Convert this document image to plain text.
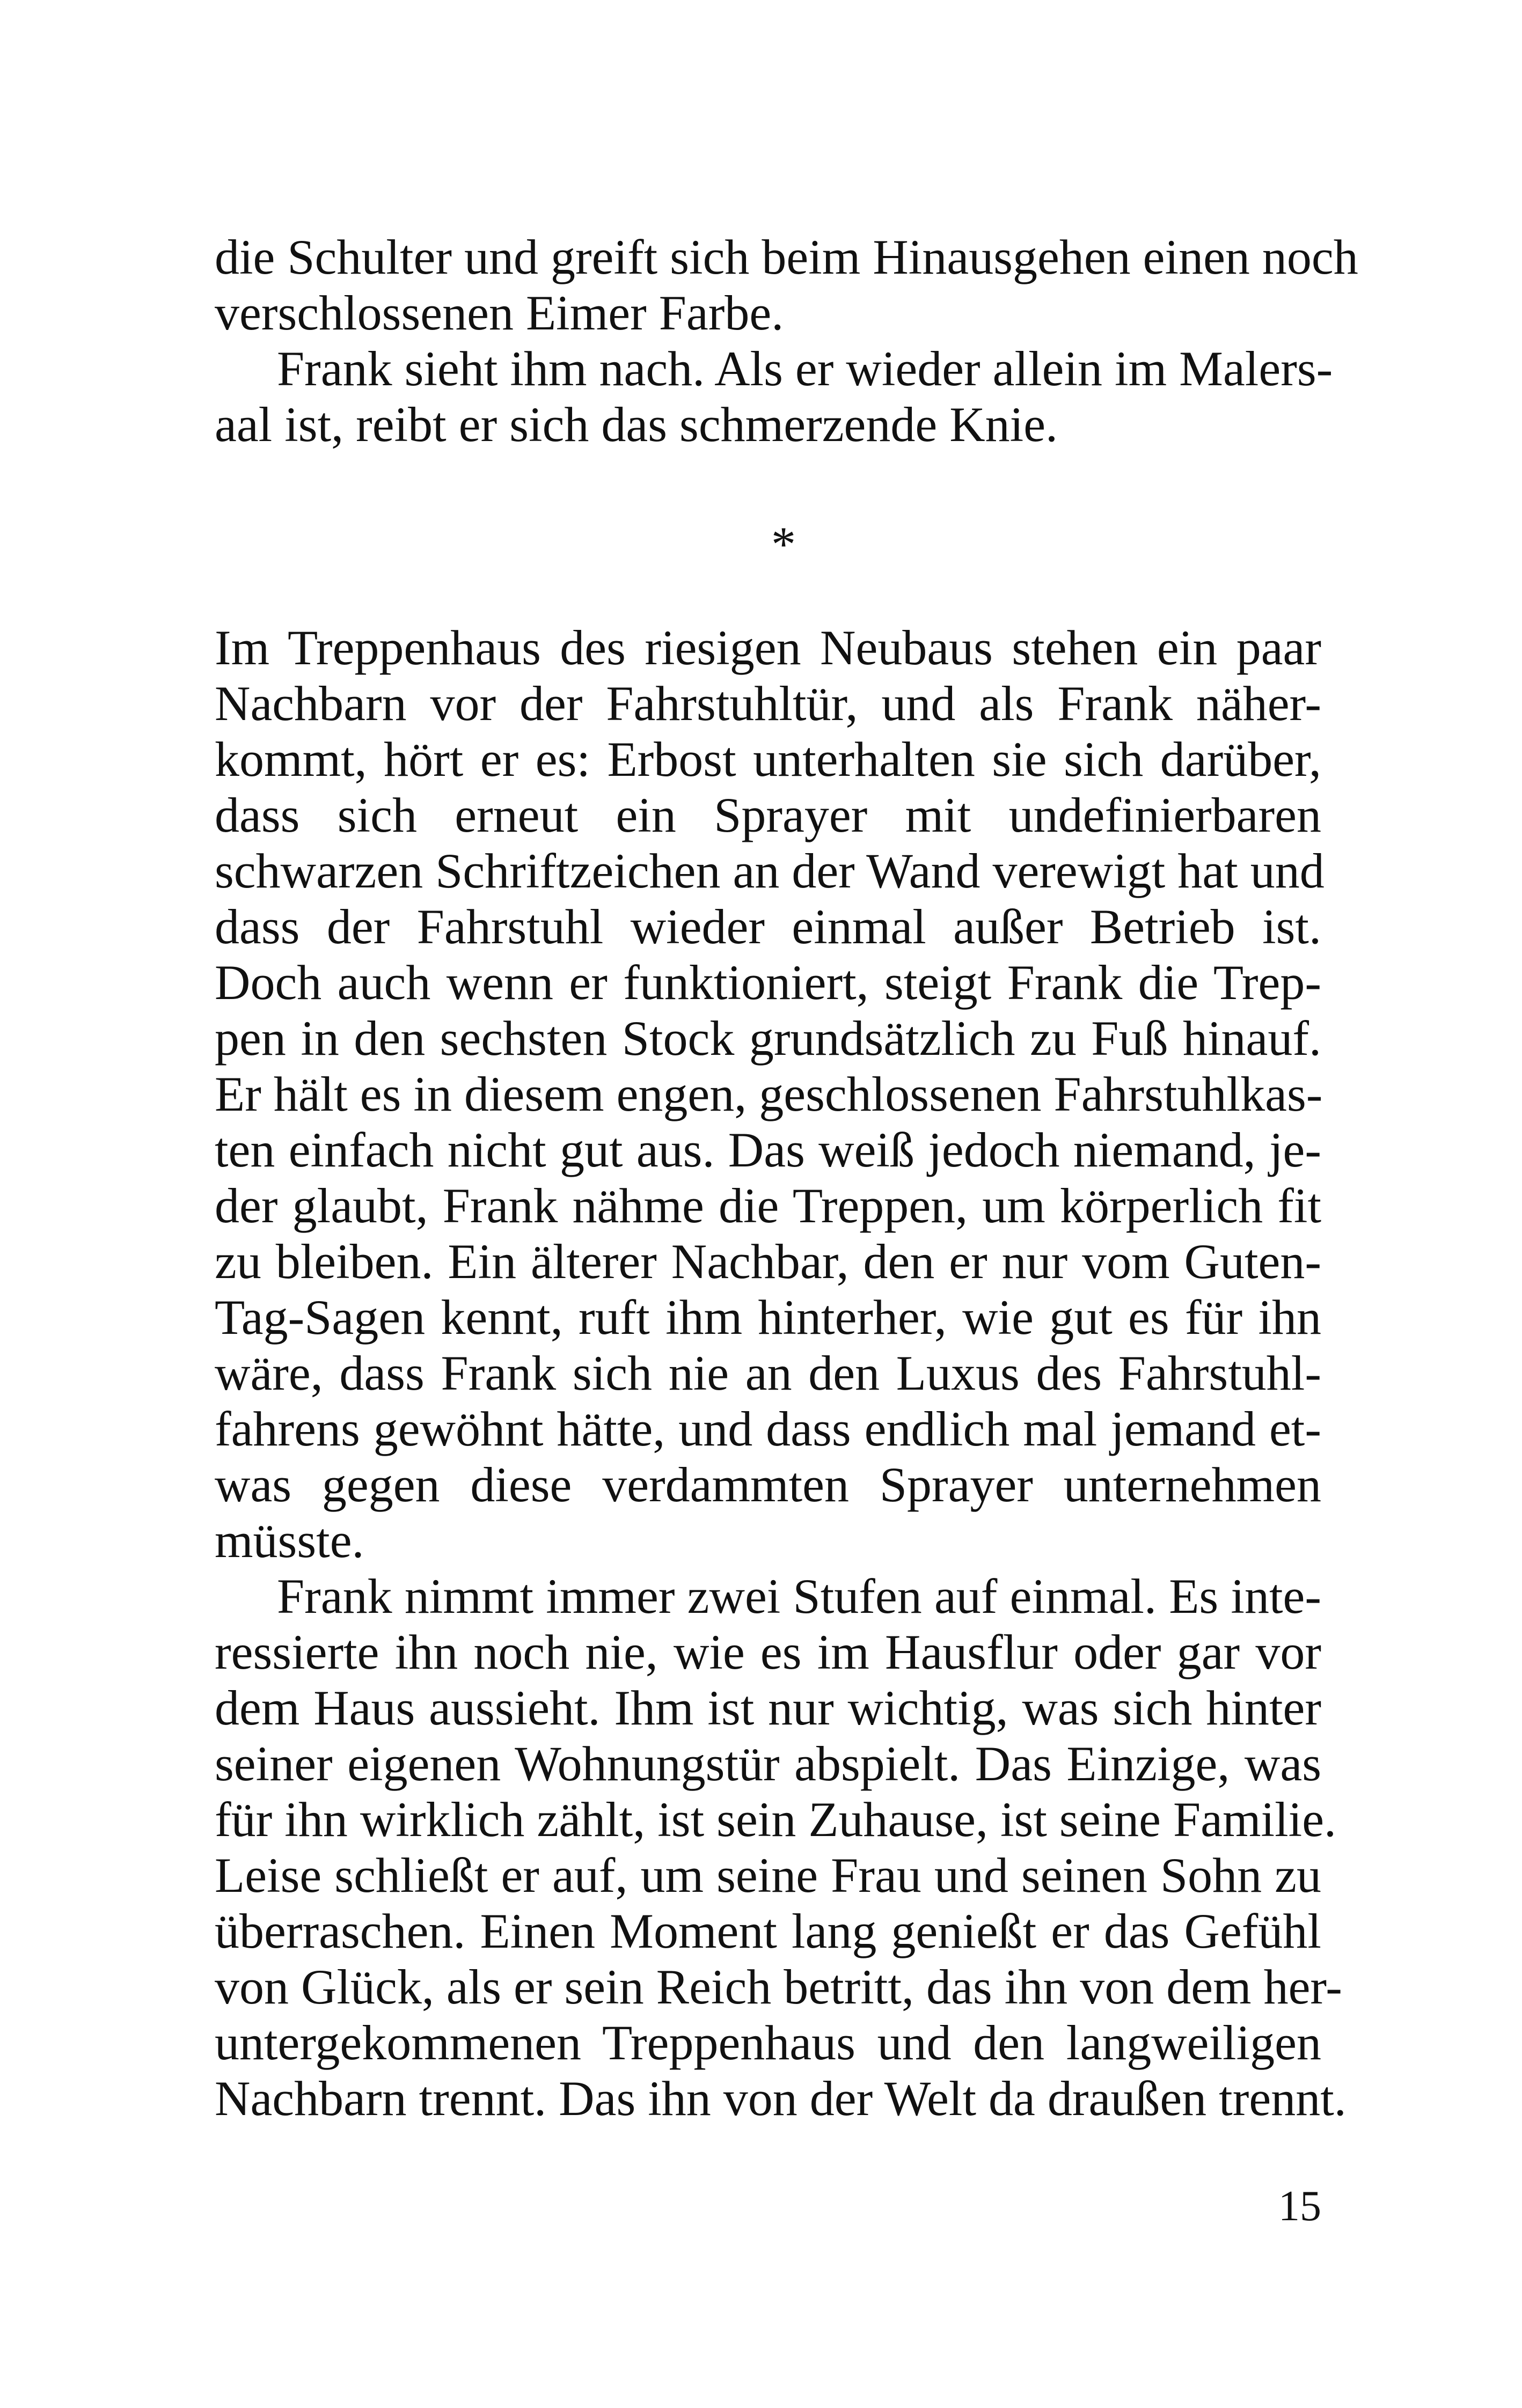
die Schulter und greift sich beim Hinausgehen einen noch
verschlossenen Eimer Farbe.
Frank sieht ihm nach. Als er wieder allein im Malers-
aal ist, reibt er sich das schmerzende Knie.
*
Im Treppenhaus des riesigen Neubaus stehen ein paar
Nachbarn vor der Fahrstuhltür, und als Frank näher-
kommt, hört er es: Erbost unterhalten sie sich darüber,
dass sich erneut ein Sprayer mit undefinierbaren
schwarzen Schriftzeichen an der Wand verewigt hat und
dass der Fahrstuhl wieder einmal außer Betrieb ist.
Doch auch wenn er funktioniert, steigt Frank die Trep-
pen in den sechsten Stock grundsätzlich zu Fuß hinauf.
Er hält es in diesem engen, geschlossenen Fahrstuhlkas-
ten einfach nicht gut aus. Das weiß jedoch niemand, je-
der glaubt, Frank nähme die Treppen, um körperlich fit
zu bleiben. Ein älterer Nachbar, den er nur vom Guten-
Tag-Sagen kennt, ruft ihm hinterher, wie gut es für ihn
wäre, dass Frank sich nie an den Luxus des Fahrstuhl-
fahrens gewöhnt hätte, und dass endlich mal jemand et-
was gegen diese verdammten Sprayer unternehmen
müsste.
Frank nimmt immer zwei Stufen auf einmal. Es inte-
ressierte ihn noch nie, wie es im Hausflur oder gar vor
dem Haus aussieht. Ihm ist nur wichtig, was sich hinter
seiner eigenen Wohnungstür abspielt. Das Einzige, was
für ihn wirklich zählt, ist sein Zuhause, ist seine Familie.
Leise schließt er auf, um seine Frau und seinen Sohn zu
überraschen. Einen Moment lang genießt er das Gefühl
von Glück, als er sein Reich betritt, das ihn von dem her-
untergekommenen Treppenhaus und den langweiligen
Nachbarn trennt. Das ihn von der Welt da draußen trennt.
15
